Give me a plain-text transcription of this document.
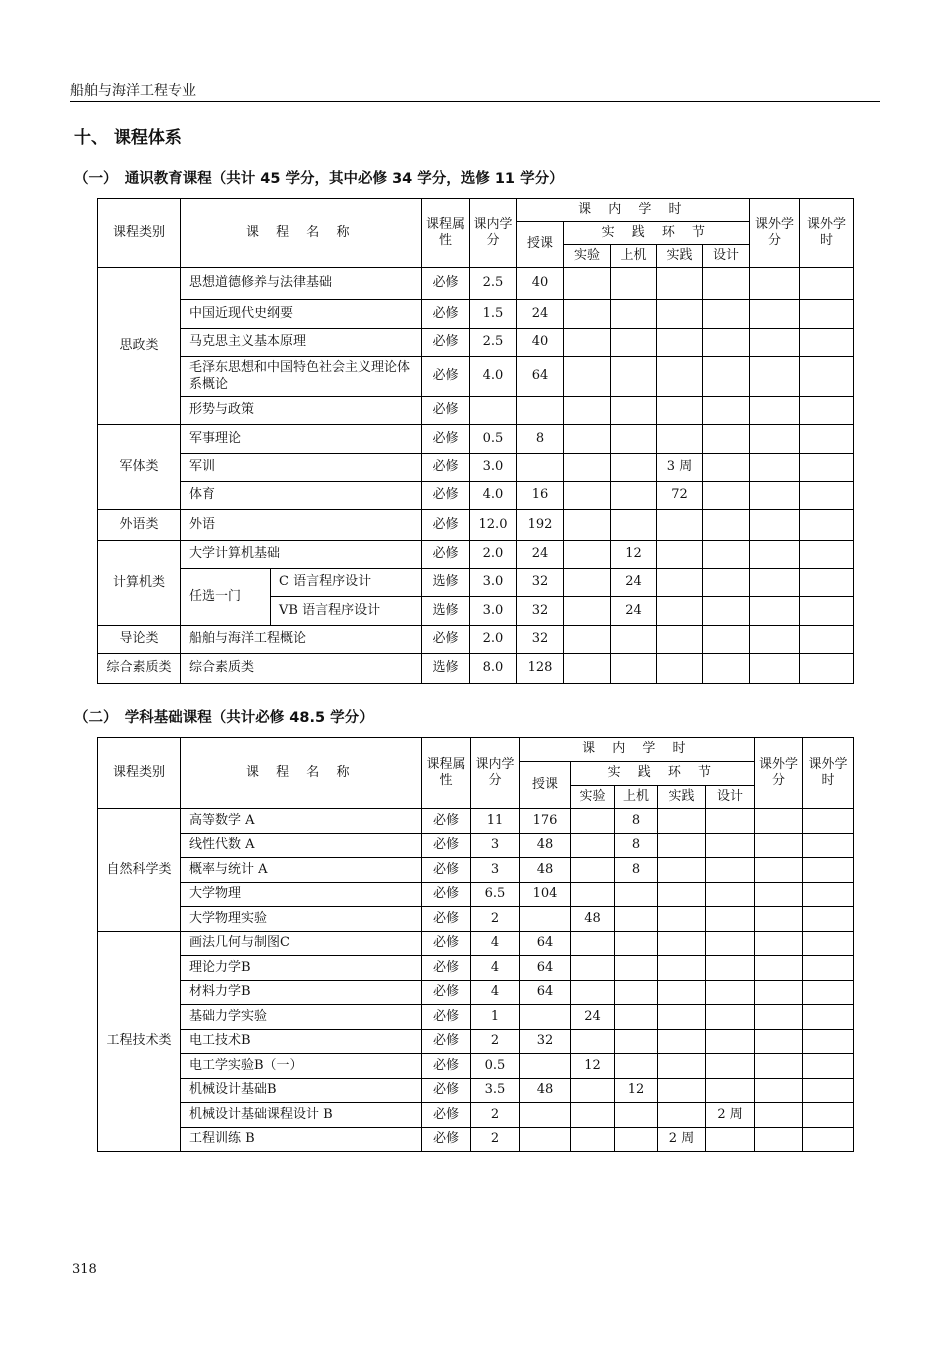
船舶与海洋工程专业
十、 课程体系
（一）　通识教育课程（共计 45 学分，其中必修 34 学分，选修 11 学分）
课程类别	课 程 名 称		课程属性	课内学分	课 内 学 时					课外学分	课外学时
					授课	实 践 环 节					
						实验	上机	实践	设计		
思政类	思想道德修养与法律基础		必修	2.5	40						
	中国近现代史纲要		必修	1.5	24						
	马克思主义基本原理		必修	2.5	40						
	毛泽东思想和中国特色社会主义理论体系概论		必修	4.0	64						
	形势与政策		必修								
军体类	军事理论		必修	0.5	8						
	军训		必修	3.0				3 周			
	体育		必修	4.0	16			72			
外语类	外语		必修	12.0	192						
计算机类	大学计算机基础		必修	2.0	24		12				
	任选一门	C 语言程序设计	选修	3.0	32		24				
		VB 语言程序设计	选修	3.0	32		24				
导论类	船舶与海洋工程概论		必修	2.0	32						
综合素质类	综合素质类		选修	8.0	128						
（二）　学科基础课程（共计必修 48.5 学分）
课程类别	课 程 名 称	课程属性	课内学分	课 内 学 时					课外学分	课外学时
				授课	实 践 环 节					
					实验	上机	实践	设计		
自然科学类	高等数学 A	必修	11	176		8				
	线性代数 A	必修	3	48		8				
	概率与统计 A	必修	3	48		8				
	大学物理	必修	6.5	104						
	大学物理实验	必修	2		48					
工程技术类	画法几何与制图C	必修	4	64						
	理论力学B	必修	4	64						
	材料力学B	必修	4	64						
	基础力学实验	必修	1		24					
	电工技术B	必修	2	32						
	电工学实验B（一）	必修	0.5		12					
	机械设计基础B	必修	3.5	48		12				
	机械设计基础课程设计 B	必修	2					2 周		
	工程训练 B	必修	2				2 周			
318
